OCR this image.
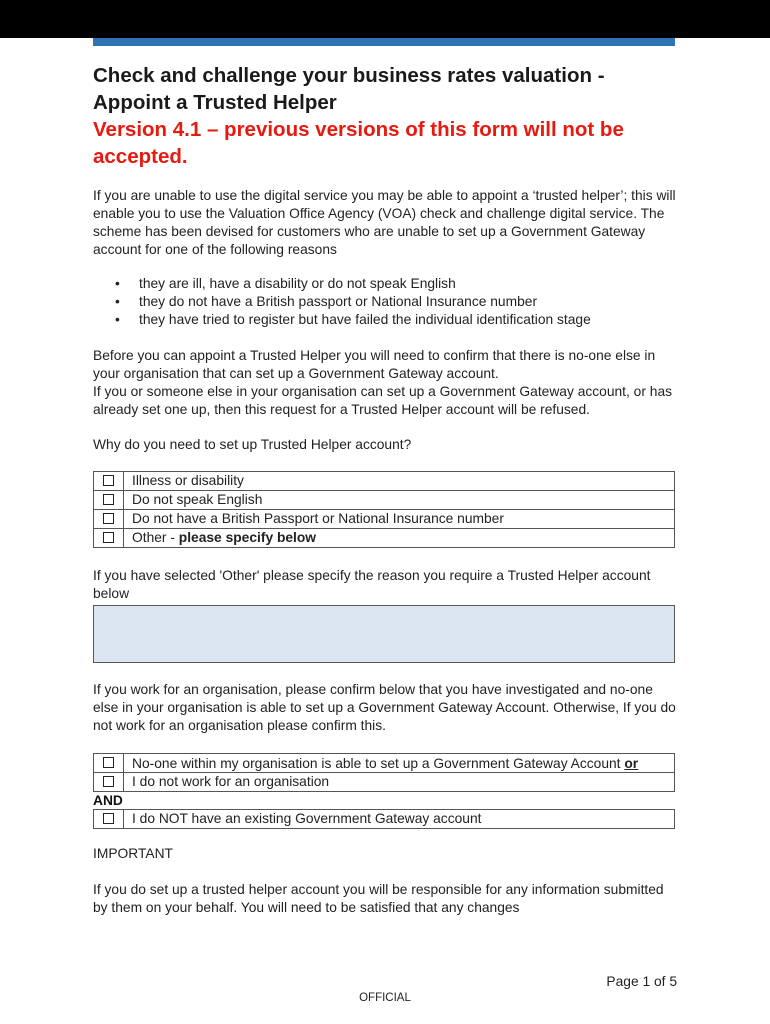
Check and challenge your business rates valuation - Appoint a Trusted Helper
Version 4.1 – previous versions of this form will not be accepted.

If you are unable to use the digital service you may be able to appoint a ‘trusted helper’; this will enable you to use the Valuation Office Agency (VOA) check and challenge digital service. The scheme has been devised for customers who are unable to set up a Government Gateway account for one of the following reasons

• they are ill, have a disability or do not speak English
• they do not have a British passport or National Insurance number
• they have tried to register but have failed the individual identification stage

Before you can appoint a Trusted Helper you will need to confirm that there is no-one else in your organisation that can set up a Government Gateway account.

If you or someone else in your organisation can set up a Government Gateway account, or has already set one up, then this request for a Trusted Helper account will be refused.

Why do you need to set up Trusted Helper account?

	Illness or disability
	Do not speak English
	Do not have a British Passport or National Insurance number
	Other - please specify below

If you have selected 'Other' please specify the reason you require a Trusted Helper account below

If you work for an organisation, please confirm below that you have investigated and no-one else in your organisation is able to set up a Government Gateway Account. Otherwise, If you do not work for an organisation please confirm this.

	No-one within my organisation is able to set up a Government Gateway Account or
	I do not work for an organisation
AND
	I do NOT have an existing Government Gateway account

IMPORTANT

If you do set up a trusted helper account you will be responsible for any information submitted by them on your behalf. You will need to be satisfied that any changes

Page 1 of 5
OFFICIAL
